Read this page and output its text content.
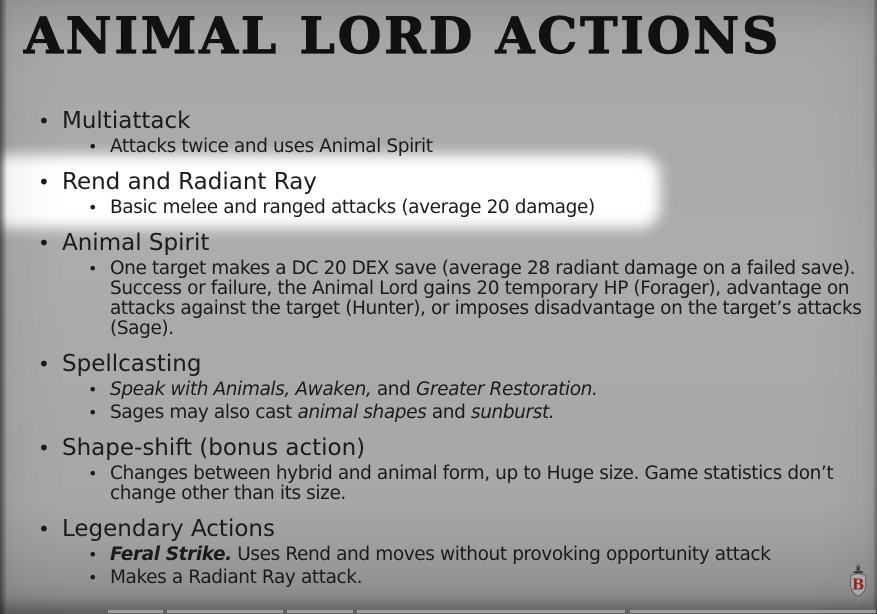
ANIMAL LORD ACTIONS
• Multiattack
• Attacks twice and uses Animal Spirit
• Rend and Radiant Ray
• Basic melee and ranged attacks (average 20 damage)
• Animal Spirit
• One target makes a DC 20 DEX save (average 28 radiant damage on a failed save). Success or failure, the Animal Lord gains 20 temporary HP (Forager), advantage on attacks against the target (Hunter), or imposes disadvantage on the target’s attacks (Sage).
• Spellcasting
• Speak with Animals, Awaken, and Greater Restoration.
• Sages may also cast animal shapes and sunburst.
• Shape-shift (bonus action)
• Changes between hybrid and animal form, up to Huge size. Game statistics don’t change other than its size.
• Legendary Actions
• Feral Strike. Uses Rend and moves without provoking opportunity attack
• Makes a Radiant Ray attack.	B
